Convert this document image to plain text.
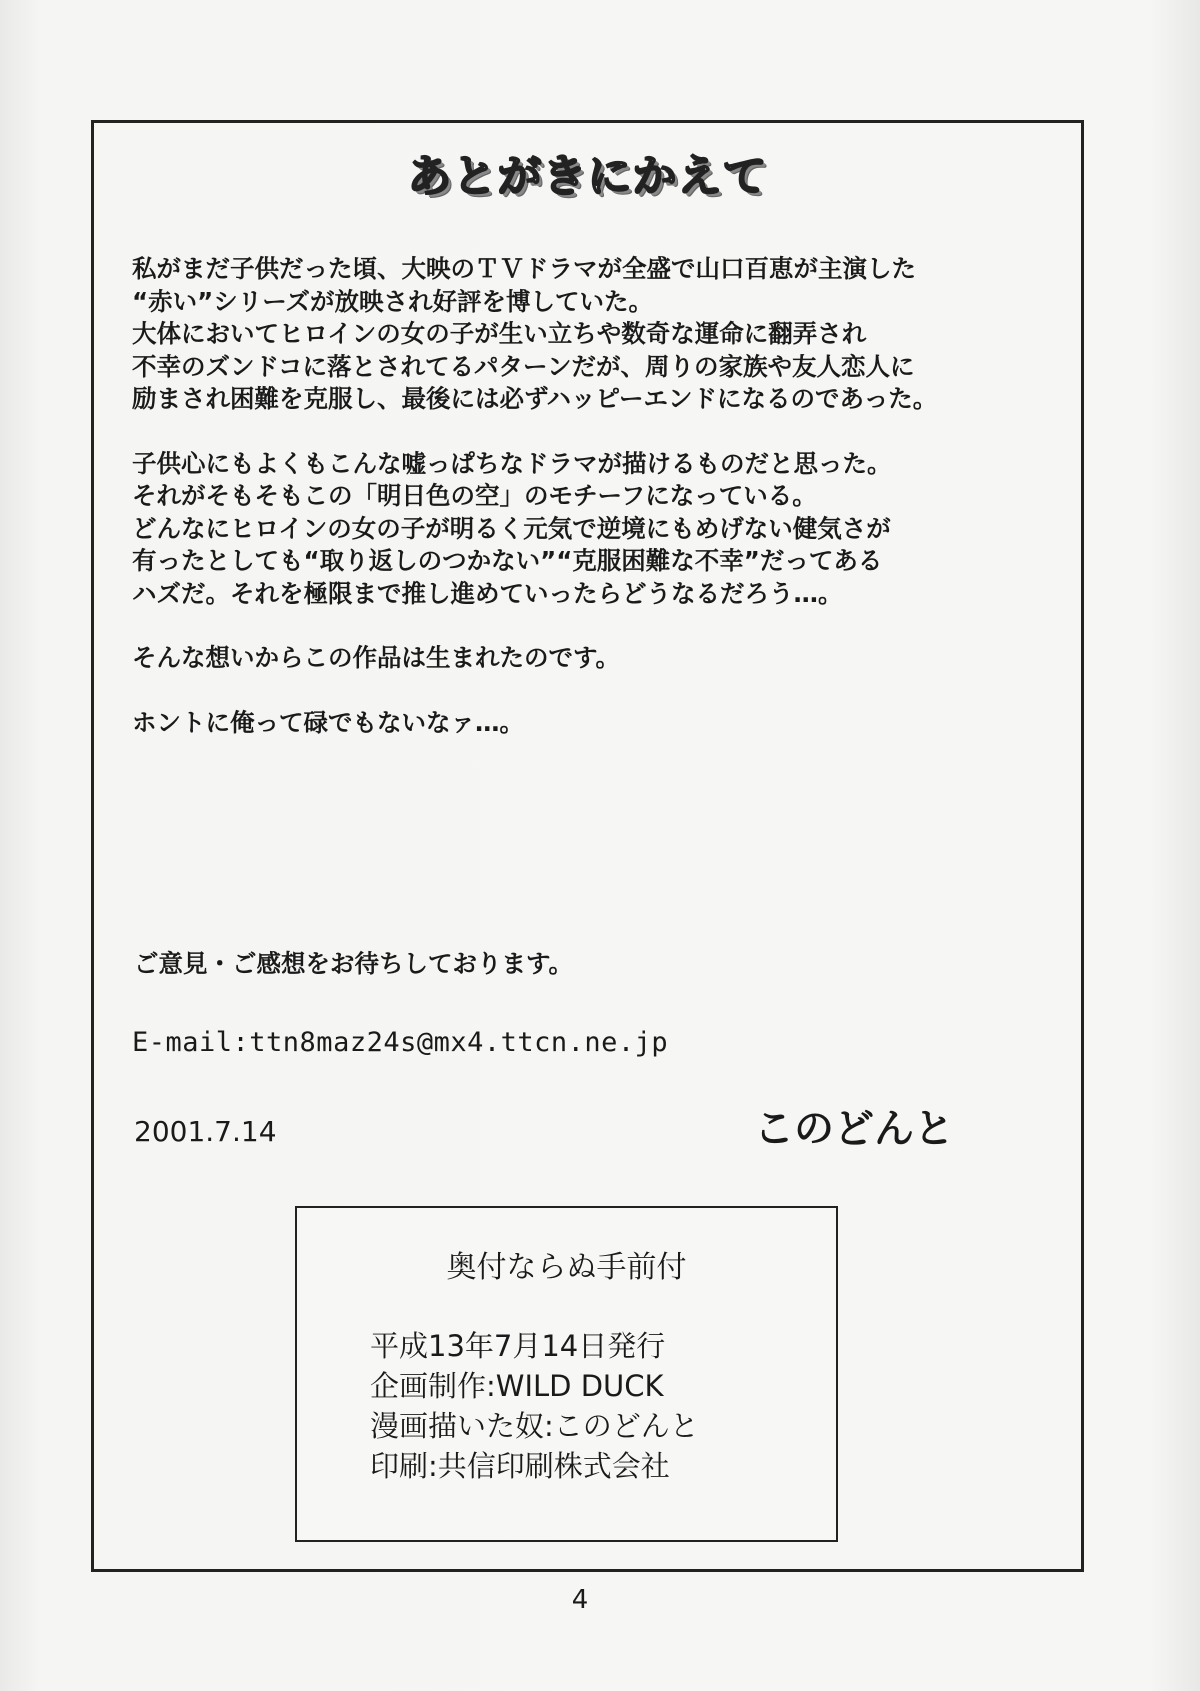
あとがきにかえて

私がまだ子供だった頃、大映のＴＶドラマが全盛で山口百恵が主演した
“赤い”シリーズが放映され好評を博していた。
大体においてヒロインの女の子が生い立ちや数奇な運命に翻弄され
不幸のズンドコに落とされてるパターンだが、周りの家族や友人恋人に
励まされ困難を克服し、最後には必ずハッピーエンドになるのであった。

子供心にもよくもこんな嘘っぱちなドラマが描けるものだと思った。
それがそもそもこの「明日色の空」のモチーフになっている。
どんなにヒロインの女の子が明るく元気で逆境にもめげない健気さが
有ったとしても“取り返しのつかない”“克服困難な不幸”だってある
ハズだ。それを極限まで推し進めていったらどうなるだろう…。

そんな想いからこの作品は生まれたのです。

ホントに俺って碌でもないなァ…。

ご意見・ご感想をお待ちしております。
E-mail:ttn8maz24s@mx4.ttcn.ne.jp
2001.7.14	このどんと
奥付ならぬ手前付
平成13年7月14日発行
企画制作:WILD DUCK
漫画描いた奴:このどんと
印刷:共信印刷株式会社
4
